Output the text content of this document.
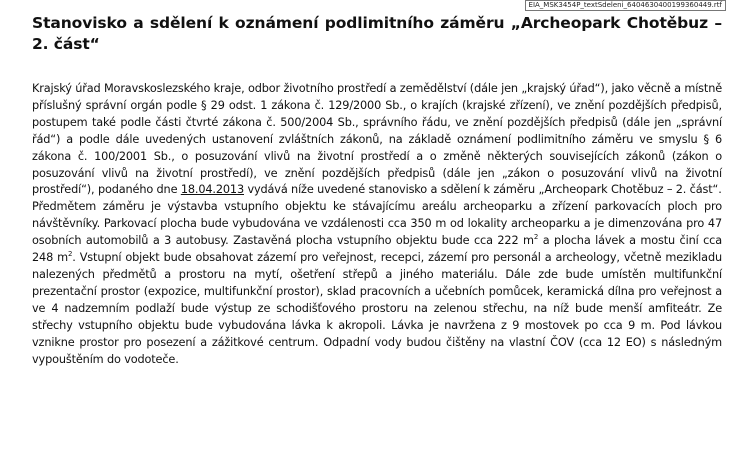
EIA_MSK3454P_textSdeleni_6404630400199360449.rtf
Stanovisko a sdělení k oznámení podlimitního záměru „Archeopark Chotěbuz – 2. část“

Krajský úřad Moravskoslezského kraje, odbor životního prostředí a zemědělství (dále jen „krajský úřad“), jako věcně a místně příslušný správní orgán podle § 29 odst. 1 zákona č. 129/2000 Sb., o krajích (krajské zřízení), ve znění pozdějších předpisů, postupem také podle části čtvrté zákona č. 500/2004 Sb., správního řádu, ve znění pozdějších předpisů (dále jen „správní řád“) a podle dále uvedených ustanovení zvláštních zákonů, na základě oznámení podlimitního záměru ve smyslu § 6 zákona č. 100/2001 Sb., o posuzování vlivů na životní prostředí a o změně některých souvisejících zákonů (zákon o posuzování vlivů na životní prostředí), ve znění pozdějších předpisů (dále jen „zákon o posuzování vlivů na životní prostředí“), podaného dne 18.04.2013 vydává níže uvedené stanovisko a sdělení k záměru „Archeopark Chotěbuz – 2. část“.

Předmětem záměru je výstavba vstupního objektu ke stávajícímu areálu archeoparku a zřízení parkovacích ploch pro návštěvníky. Parkovací plocha bude vybudována ve vzdálenosti cca 350 m od lokality archeoparku a je dimenzována pro 47 osobních automobilů a 3 autobusy. Zastavěná plocha vstupního objektu bude cca 222 $m^2$ a plocha lávek a mostu činí cca 248 $m^2$. Vstupní objekt bude obsahovat zázemí pro veřejnost, recepci, zázemí pro personál a archeology, včetně mezikladu nalezených předmětů a prostoru na mytí, ošetření střepů a jiného materiálu. Dále zde bude umístěn multifunkční prezentační prostor (expozice, multifunkční prostor), sklad pracovních a učebních pomůcek, keramická dílna pro veřejnost a ve 4 nadzemním podlaží bude výstup ze schodišťového prostoru na zelenou střechu, na níž bude menší amfiteátr. Ze střechy vstupního objektu bude vybudována lávka k akropoli. Lávka je navržena z 9 mostovek po cca 9 m. Pod lávkou vznikne prostor pro posezení a zážitkové centrum. Odpadní vody budou čištěny na vlastní ČOV (cca 12 EO) s následným vypouštěním do vodoteče.
